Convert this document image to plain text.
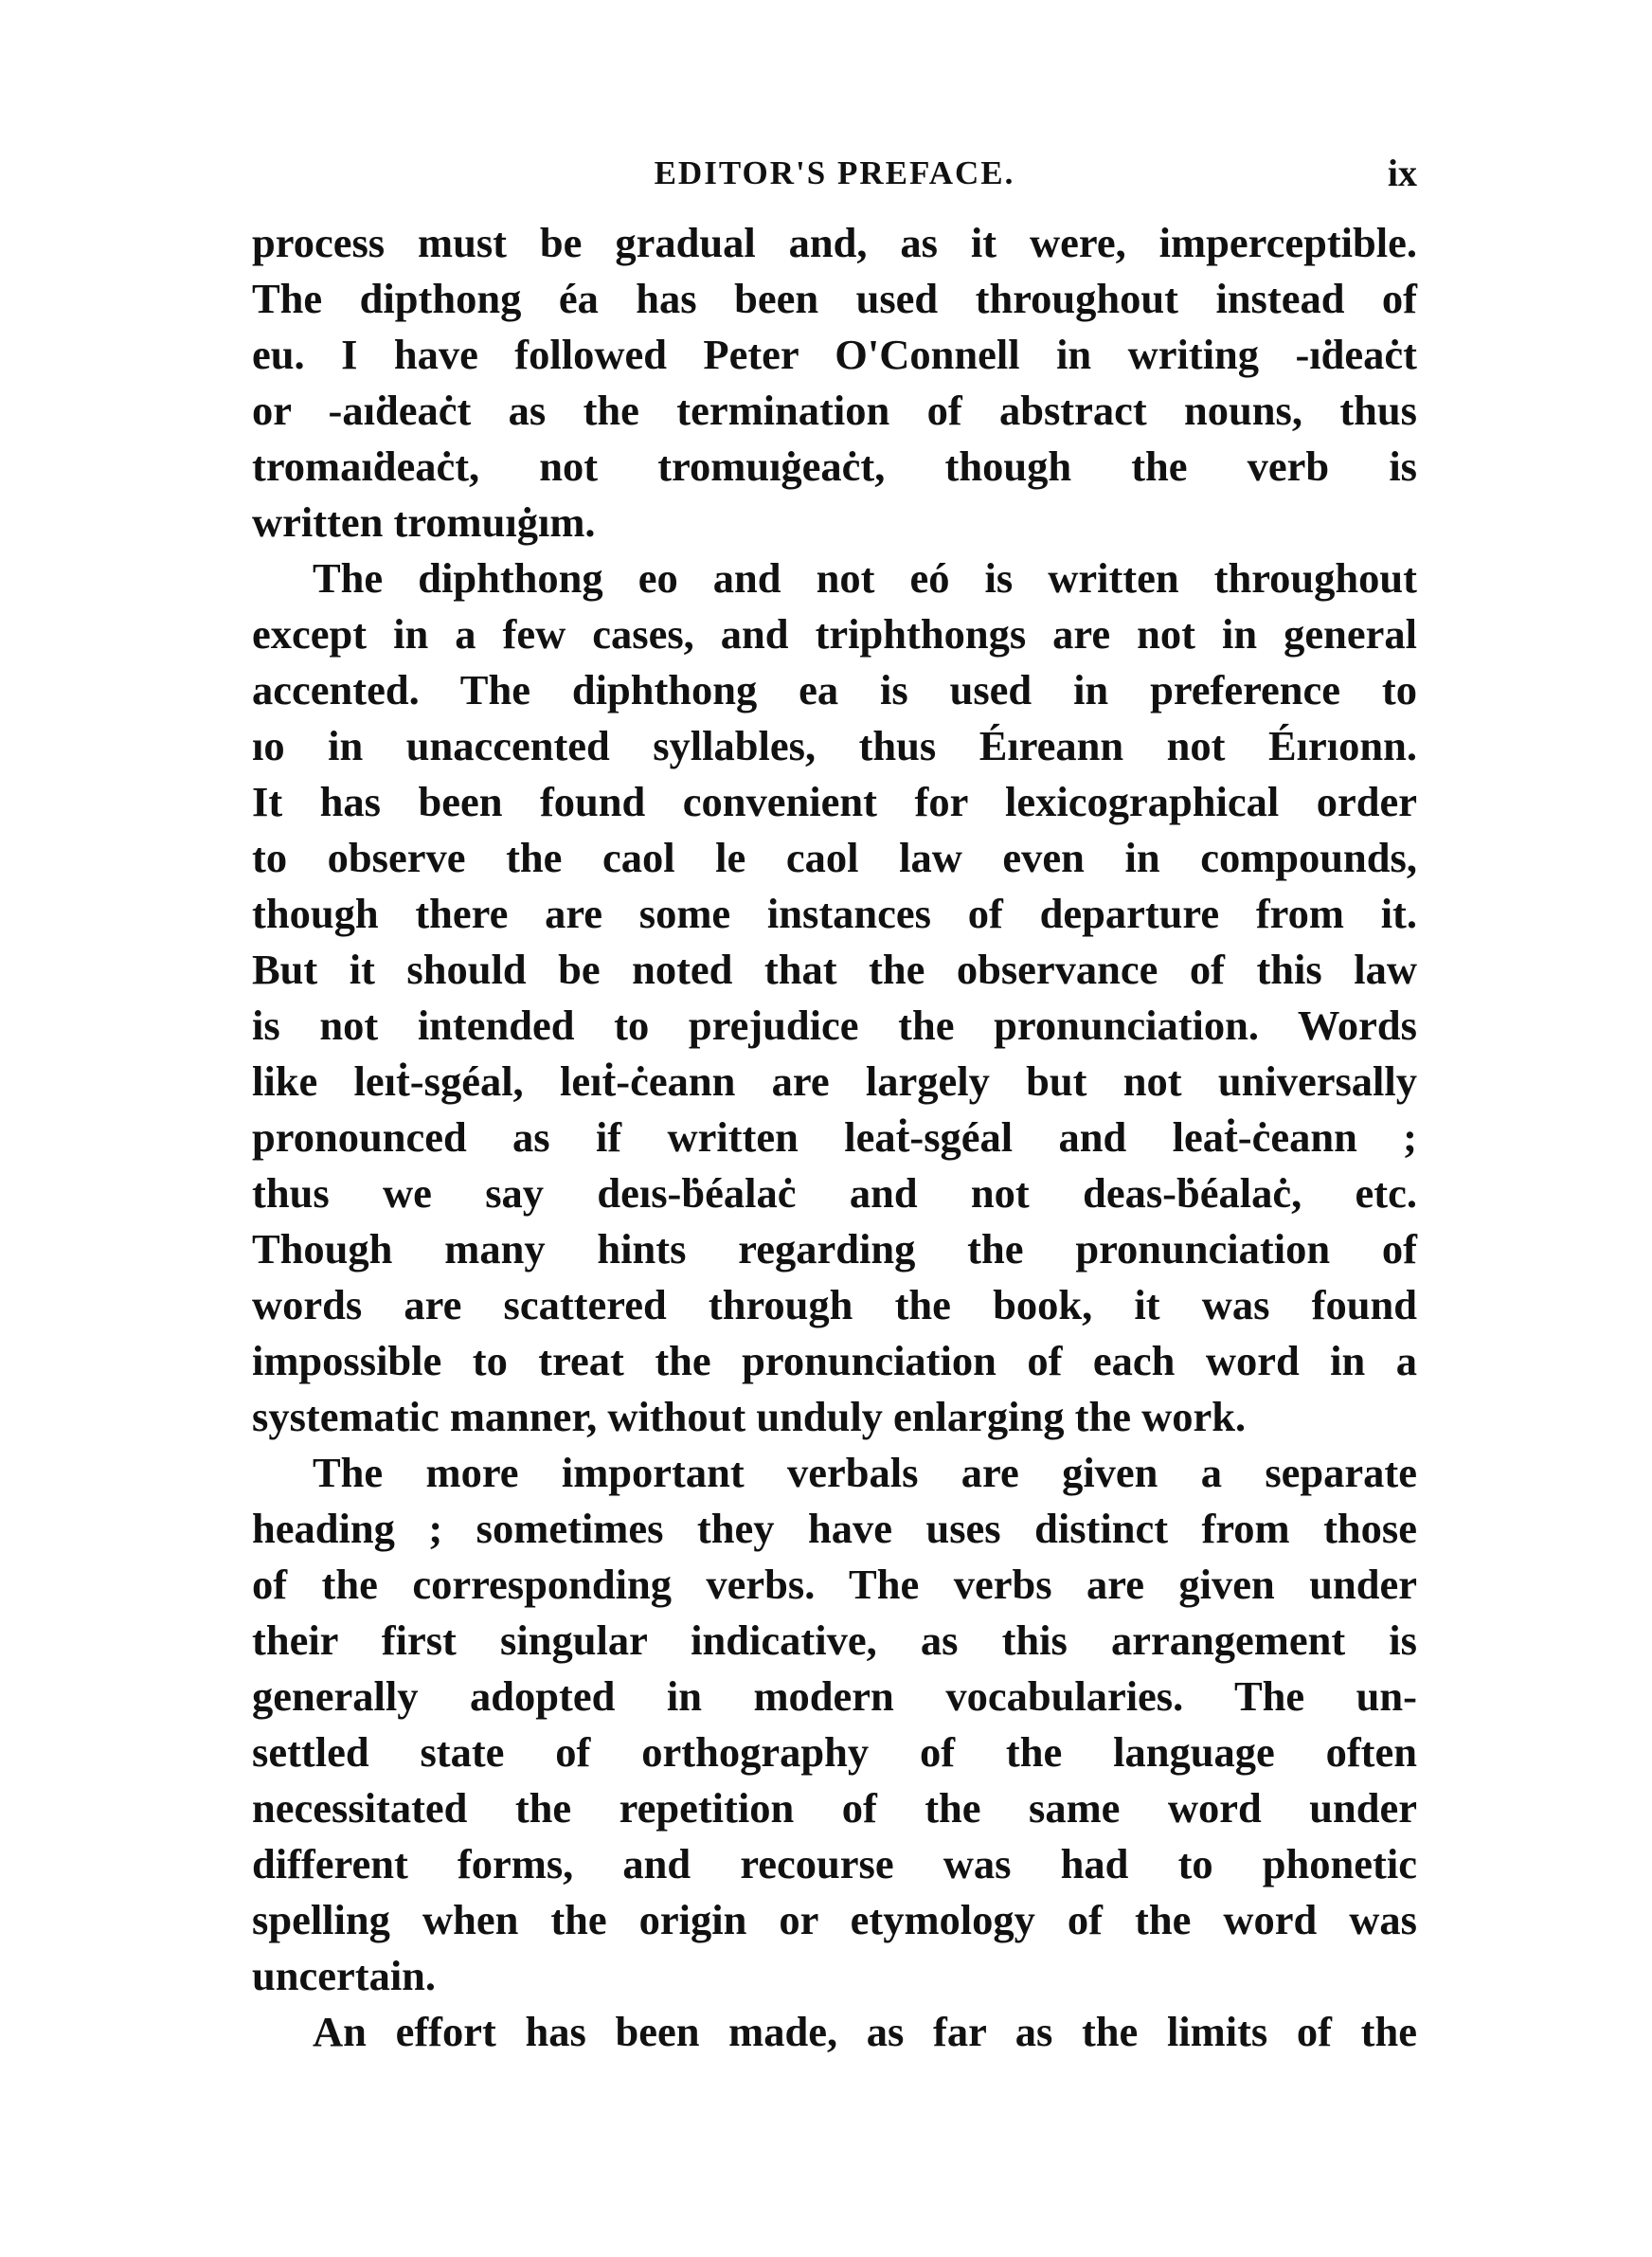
EDITOR'S PREFACE.	ix
process must be gradual and, as it were, imperceptible.
The dipthong éa has been used throughout instead of
eu. I have followed Peter O'Connell in writing -ıḋeaċt
or -aıḋeaċt as the termination of abstract nouns, thus
tromaıḋeaċt, not tromuıġeaċt, though the verb is
written tromuıġım.
The diphthong eo and not eó is written throughout
except in a few cases, and triphthongs are not in general
accented. The diphthong ea is used in preference to
ıo in unaccented syllables, thus Éıreann not Éırıonn.
It has been found convenient for lexicographical order
to observe the caol le caol law even in compounds,
though there are some instances of departure from it.
But it should be noted that the observance of this law
is not intended to prejudice the pronunciation. Words
like leıṫ-sgéal, leıṫ-ċeann are largely but not universally
pronounced as if written leaṫ-sgéal and leaṫ-ċeann ;
thus we say deıs-ḃéalaċ and not deas-ḃéalaċ, etc.
Though many hints regarding the pronunciation of
words are scattered through the book, it was found
impossible to treat the pronunciation of each word in a
systematic manner, without unduly enlarging the work.
The more important verbals are given a separate
heading ; sometimes they have uses distinct from those
of the corresponding verbs. The verbs are given under
their first singular indicative, as this arrangement is
generally adopted in modern vocabularies. The un-
settled state of orthography of the language often
necessitated the repetition of the same word under
different forms, and recourse was had to phonetic
spelling when the origin or etymology of the word was
uncertain.
An effort has been made, as far as the limits of the
